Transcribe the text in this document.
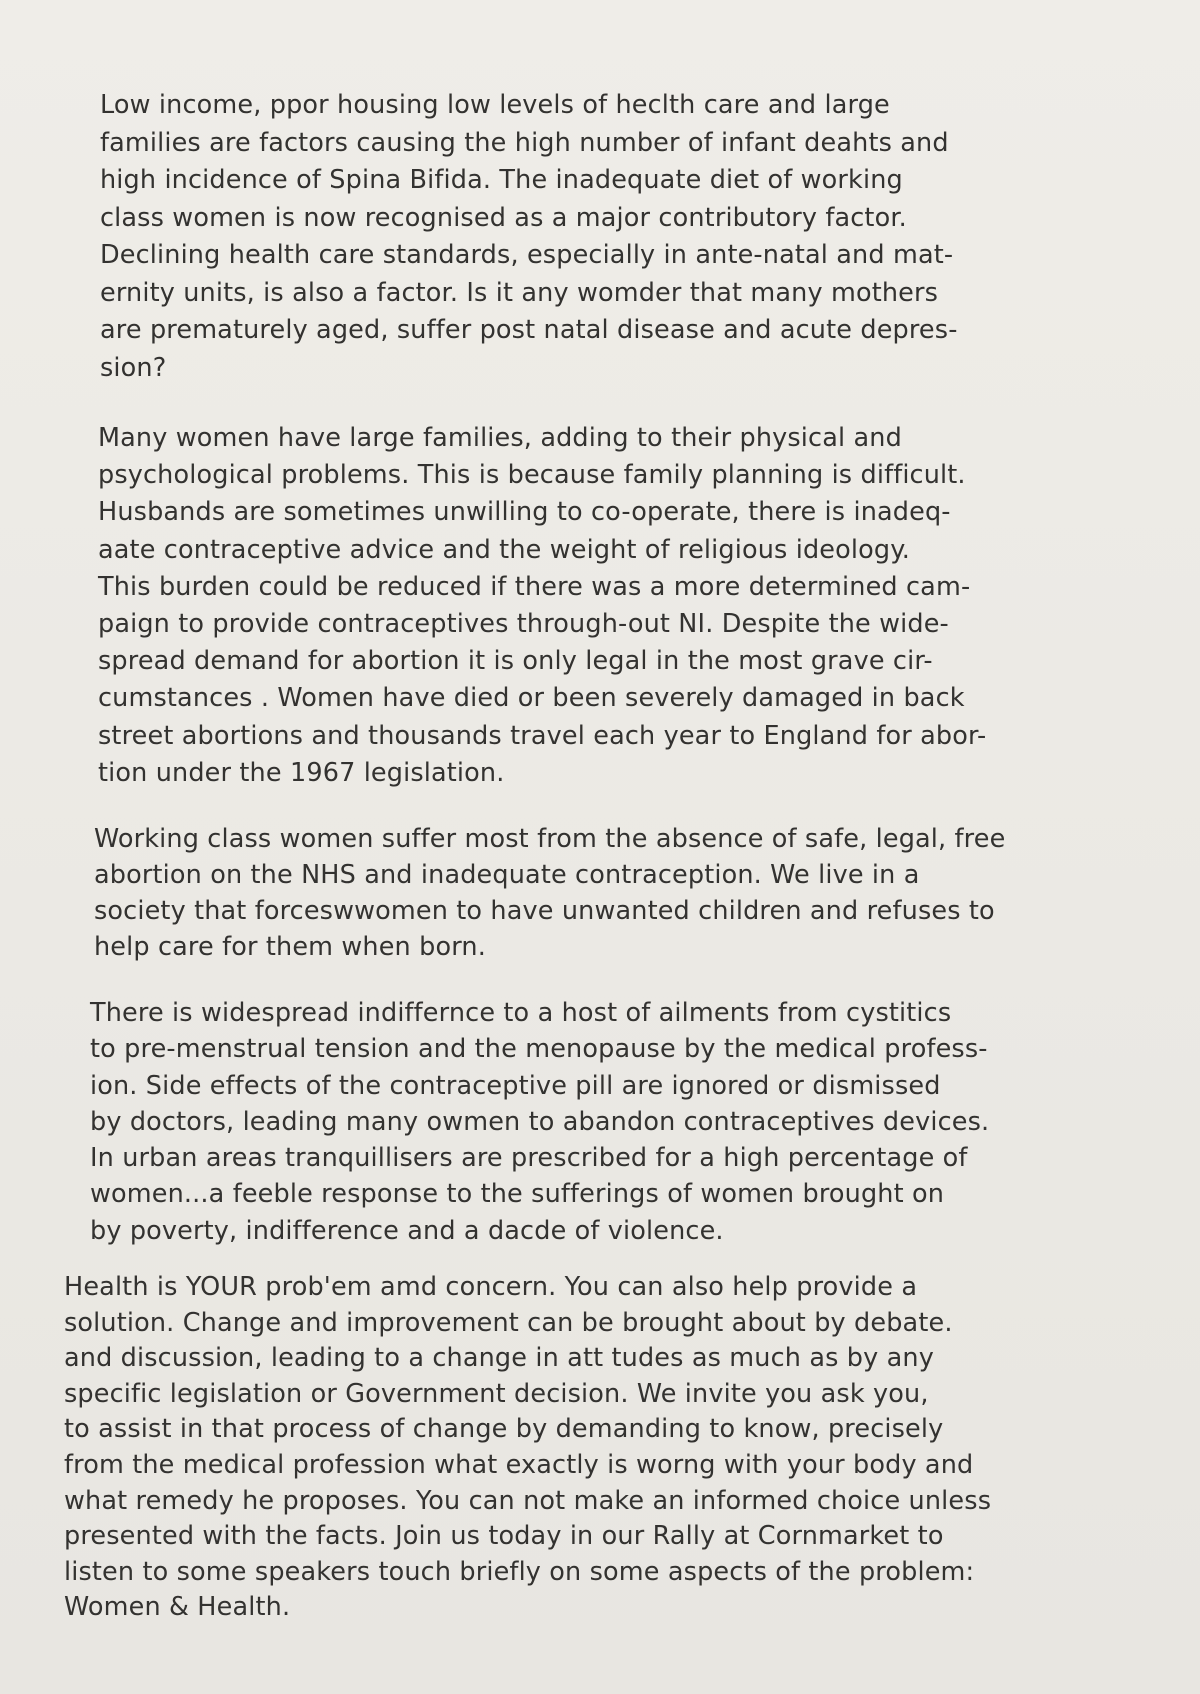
Low income, ppor housing low levels of heclth care and large
families are factors causing the high number of infant deahts and
high incidence of Spina Bifida. The inadequate diet of working
class women is now recognised as a major contributory factor.
Declining health care standards, especially in ante-natal and mat-
ernity units, is also a factor. Is it any womder that many mothers
are prematurely aged, suffer post natal disease and acute depres-
sion?

Many women have large families, adding to their physical and
psychological problems. This is because family planning is difficult.
Husbands are sometimes unwilling to co-operate, there is inadeq-
aate contraceptive advice and the weight of religious ideology.
This burden could be reduced if there was a more determined cam-
paign to provide contraceptives through-out NI. Despite the wide-
spread demand for abortion it is only legal in the most grave cir-
cumstances . Women have died or been severely damaged in back
street abortions and thousands travel each year to England for abor-
tion under the 1967 legislation.

Working class women suffer most from the absence of safe, legal, free
abortion on the NHS and inadequate contraception. We live in a
society that forceswwomen to have unwanted children and refuses to
help care for them when born.

There is widespread indiffernce to a host of ailments from cystitics
to pre-menstrual tension and the menopause by the medical profess-
ion. Side effects of the contraceptive pill are ignored or dismissed
by doctors, leading many owmen to abandon contraceptives devices.
In urban areas tranquillisers are prescribed for a high percentage of
women...a feeble response to the sufferings of women brought on
by poverty, indifference and a dacde of violence.

Health is YOUR prob'em amd concern. You can also help provide a
solution. Change and improvement can be brought about by debate.
and discussion, leading to a change in att tudes as much as by any
specific legislation or Government decision. We invite you ask you,
to assist in that process of change by demanding to know, precisely
from the medical profession what exactly is worng with your body and
what remedy he proposes. You can not make an informed choice unless
presented with the facts. Join us today in our Rally at Cornmarket to
listen to some speakers touch briefly on some aspects of the problem:
Women & Health.
